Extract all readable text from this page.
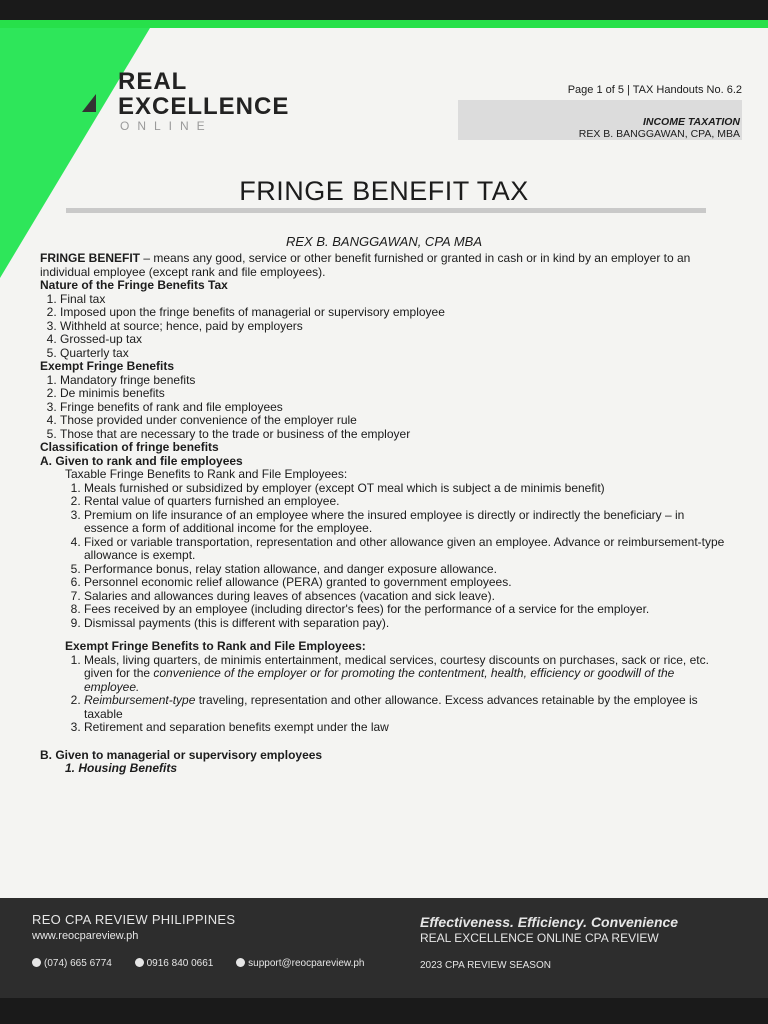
REAL
EXCELLENCE
ONLINE
Page 1 of 5 | TAX Handouts No. 6.2
INCOME TAXATION
REX B. BANGGAWAN, CPA, MBA
FRINGE BENEFIT TAX
REX B. BANGGAWAN, CPA MBA

FRINGE BENEFIT – means any good, service or other benefit furnished or granted in cash or in kind by an employer to an individual employee (except rank and file employees).

Nature of the Fringe Benefits Tax

1. Final tax
2. Imposed upon the fringe benefits of managerial or supervisory employee
3. Withheld at source; hence, paid by employers
4. Grossed-up tax
5. Quarterly tax

Exempt Fringe Benefits

1. Mandatory fringe benefits
2. De minimis benefits
3. Fringe benefits of rank and file employees
4. Those provided under convenience of the employer rule
5. Those that are necessary to the trade or business of the employer

Classification of fringe benefits

A. Given to rank and file employees

Taxable Fringe Benefits to Rank and File Employees:

1. Meals furnished or subsidized by employer (except OT meal which is subject a de minimis benefit)
2. Rental value of quarters furnished an employee.
3. Premium on life insurance of an employee where the insured employee is directly or indirectly the beneficiary – in essence a form of additional income for the employee.
4. Fixed or variable transportation, representation and other allowance given an employee. Advance or reimbursement-type allowance is exempt.
5. Performance bonus, relay station allowance, and danger exposure allowance.
6. Personnel economic relief allowance (PERA) granted to government employees.
7. Salaries and allowances during leaves of absences (vacation and sick leave).
8. Fees received by an employee (including director's fees) for the performance of a service for the employer.
9. Dismissal payments (this is different with separation pay).

Exempt Fringe Benefits to Rank and File Employees:

1. Meals, living quarters, de minimis entertainment, medical services, courtesy discounts on purchases, sack or rice, etc. given for the convenience of the employer or for promoting the contentment, health, efficiency or goodwill of the employee.
2. Reimbursement-type traveling, representation and other allowance. Excess advances retainable by the employee is taxable
3. Retirement and separation benefits exempt under the law

B. Given to managerial or supervisory employees

1. Housing Benefits

REO CPA REVIEW PHILIPPINES
www.reocpareview.ph
(074) 665 6774	0916 840 0661	support@reocpareview.ph
Effectiveness. Efficiency. Convenience
REAL EXCELLENCE ONLINE CPA REVIEW
2023 CPA REVIEW SEASON
